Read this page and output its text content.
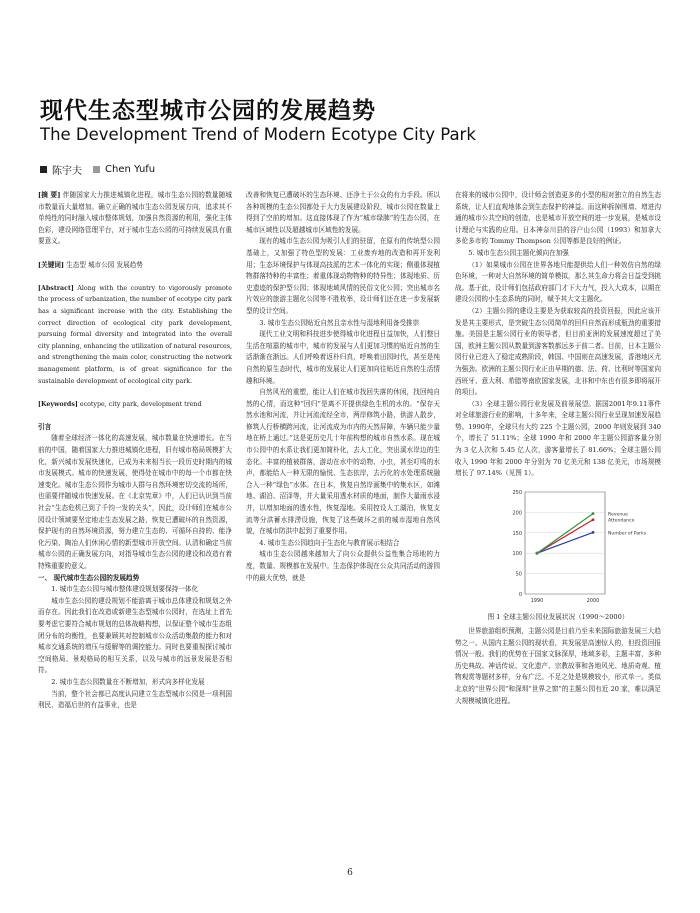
现代生态型城市公园的发展趋势
The Development Trend of Modern Ecotype City Park
陈宇夫 Chen Yufu

[摘 要] 伴随国家大力推进城镇化进程，城市生态公园的数量随城市数量而大量增加。确立正确的城市生态公园发展方向，追求其不单纯性的同时融入城市整体规划，加强自然资源的利用，强化主体色彩，建设网络管理平台，对于城市生态公园的可持续发展具有重要意义。

[关键词] 生态型 城市公园 发展趋势

[Abstract] Along with the country to vigorously promote the process of urbanization, the number of ecotype city park has a significant increase with the city. Establishing the correct direction of ecological city park development, pursuing formal diversity and integrated into the overall city planning, enhancing the utilization of natural resources, and strengthening the main color, constructing the network management platform, is of great significance for the sustainable development of ecological city park.

[Keywords] ecotype, city park, development trend

引言

随着全球经济一体化的高速发展，城市数量在快速增长。在当前的中国，随着国家大力推进城镇化进程，旧有城市格局规模扩大化，新兴城市发展快速化，已成为未来相当长一段历史时期内的城市发展模式。城市的快速发展，使得处在城市中的每一个市都在快速变化。城市生态公园作为城市人群与自然环境密切交流的场所，也需要伴随城市快速发展。在《北京宪章》中，人们已认识到当前社会“生态危机已到了千钧一发的关头”，因此，设计师们在城市公园设计领域要坚定地走生态发展之路，恢复已遭破坏的自然资源，保护现有的自然环境资源，努力建立生态的、可循环自持的、能净化污染、陶冶人们休闲心情的新型城市开放空间。认清和确定当前城市公园的正确发展方向，对指导城市生态公园的建设和改造有着特殊重要的意义。

一、 现代城市生态公园的发展趋势

1. 城市生态公园与城市整体建设规划要保持一体化

城市生态公园的建设规划不能游离于城市总体建设和规划之外而存在。因此我们在改造或新建生态型城市公园时，在选址上首先要考虑它要符合城市规划的总体战略构想，以保证整个城市生态组团分布的均衡性，也要兼顾其对控制城市公众活动集散的能力和对城市交通系统的增压与缓解等的调控能力。同时也要重视探讨城市空间格局、景观格局的相互关系，以及与城市的远景发展是否相符。

2. 城市生态公园数量在不断增加，形式向多样化发展

当前，整个社会都已高度认同建立生态型城市公园是一项利国利民、造福后世的有益事业，也是

改善和恢复已遭破坏的生态环境、还净土于公众的有力手段。所以各种规模的生态公园都处于大力发展建设阶段，城市公园在数量上得到了空前的增加。这直接体现了作为“城市绿肺”的生态公园，在城市区域性以及超越城市区域性的发展。

现有的城市生态公园为吸引人们的驻留，在原有的传统型公园基础上，又加强了特色型的发展：工业废弃地的改造和再开发利用；生态环境保护与体现高技派的艺术一体化的实现；侧重体现植物群落特种的丰富性；着重体现动物物种的特异性；体现地质、历史遗迹的保护型公园；体现地域风情的民俗文化公园；突出城市名片效应的旅游主题化公园等不胜枚举，设计师们还在进一步发展新型的设计空间。

3. 城市生态公园贴近自然且亲水性与湿地利用备受推崇

现代工业文明和科技进步使得城市化进程日益加快，人们整日生活在喧嚣的城市中，城市的发展与人们更加习惯的贴近自然的生活渐渐在渐远。人们呼唤着返朴归真，呼唤着田园时代，甚至是纯自然的原生态时代，城市的发展让人们更加向往贴近自然的生活情趣和环境。

自然风光的重塑，能让人们在城市找回失落的休闲，找回纯自然的心情，而这种“回归”是离不开提供绿色生机的水的。“保存天然水池和河流，并让河流流经全市，两岸修筑小路，供游人散步，修筑人行桥横跨河流，让河流成为市内的天然屏障，车辆只能少量地在桥上通过。”这是更历史几十年前构想的城市自然水系。现在城市公园中的水系让我们更加简朴化，去人工化，突出溪水岸边的生态化。丰富的植被群落，游动在水中的动物、小虫，甚至叮鸣的水声，都能给人一种无限的愉悦、生态依岸，去污化的水处理系统融合入一种“绿色”水体。在日本，恢复自然岸画集中的集水区，如滩地、湖泊、沼泽等，并大量采用透水材质的地面，制作大量雨水浸井，以增加地面的透水性，恢复湿地。采用控设人工湖泊，恢复支流等分洪蓄水排涝设施，恢复了这些破坏之前的城市湿地自然风貌，在城市防洪中起到了重要作用。

4. 城市生态公园趋向于生态化与教育展示相结合

城市生态公园越来越加大了向公众提供公益性集合场地的力度，数量、规模都在发展中。生态保护体现在公众共同活动的游园中的最大优势，就是

在将来的城市公园中，设计师会创造更多的小型的相对独立的自然生态系统，让人们直观地体会到生态保护的神益。而这种拆掉围墙、增进沟通的城市公共空间的创造，也是城市开放空间的进一步发展，是城市设计理论与实践的应用。日本神奈川县的谷户山公园（1993）和加拿大多伦多市的 Tommy Thompson 公园等都是良好的例证。

5. 城市生态公园主题化倾向在加强

（1）如果城市公园在世界各地只能提供给人们一种效仿自然的绿色环境，一种对大自然环境的简单模拟，那么其生命力将会日益受到挑战。基于此，设计师们包括政府部门才下大力气，投入大成本，以期在建设公园的小生态系统的同时，赋予其大文主题化。

（2）主题公园的建设主要是为获取较高的投资回报，因此应该开发是其主要形式，是突破生态公园简单的回归自然而形成瓶劲的重要措施。美国是主题公园行业的领导者，但目前亚洲的发展速度超过了美国，欧洲主题公园从数量到游客数都远多于前二者。目前，日本主题公园行业已进入了稳定成熟阶段，韩国、中国则在高速发展，香港地区尤为强劲。欧洲的主题公园行业正由早期的德、法、荷、比利时等国家向西班牙、意大利、希腊等南欧国家发展，北非和中东也有很多即将展开的项目。

（3）全球主题公园行业发展及前景展望。据国2001年9.11事件对全球旅游行业的影响，十多年来，全球主题公园行业呈现加速发展趋势。1990年，全球只有大约 225 个主题公园，2000 年则发展到 340 个，增长了 51.11%；全球 1990 年和 2000 年主题公园游客量分别为 3 亿人次和 5.45 亿人次，游客量增长了 81.66%；全球主题公园收入 1990 年和 2000 年分别为 70 亿美元和 138 亿美元，市场规模增长了 97.14%（见图 1）。

0
50
100
150
200
250
1990	2000
Number of Parks
Attendance
Revenue

图 1 全球主题公园业发展状况（1990～2000）

世界旅游组织预测，主题公园是目前乃至未来国际旅游发展三大趋势之一。从国内主题公园的现状看，其发展是高速惊人的，但投资回报情况一般。我们的优势在于国家文脉深厚，地域多彩，主题丰富，多种历史典故、神话传说、文化遗产、宗教故事和各地风光、地质奇观、植物观赏等题材多样，分布广泛。不足之处是规模较小，形式单一。类似北京的“世界公园”和深圳“世界之窗”的主题公园有近 20 家，难以满足大规模城镇化进程。

6
